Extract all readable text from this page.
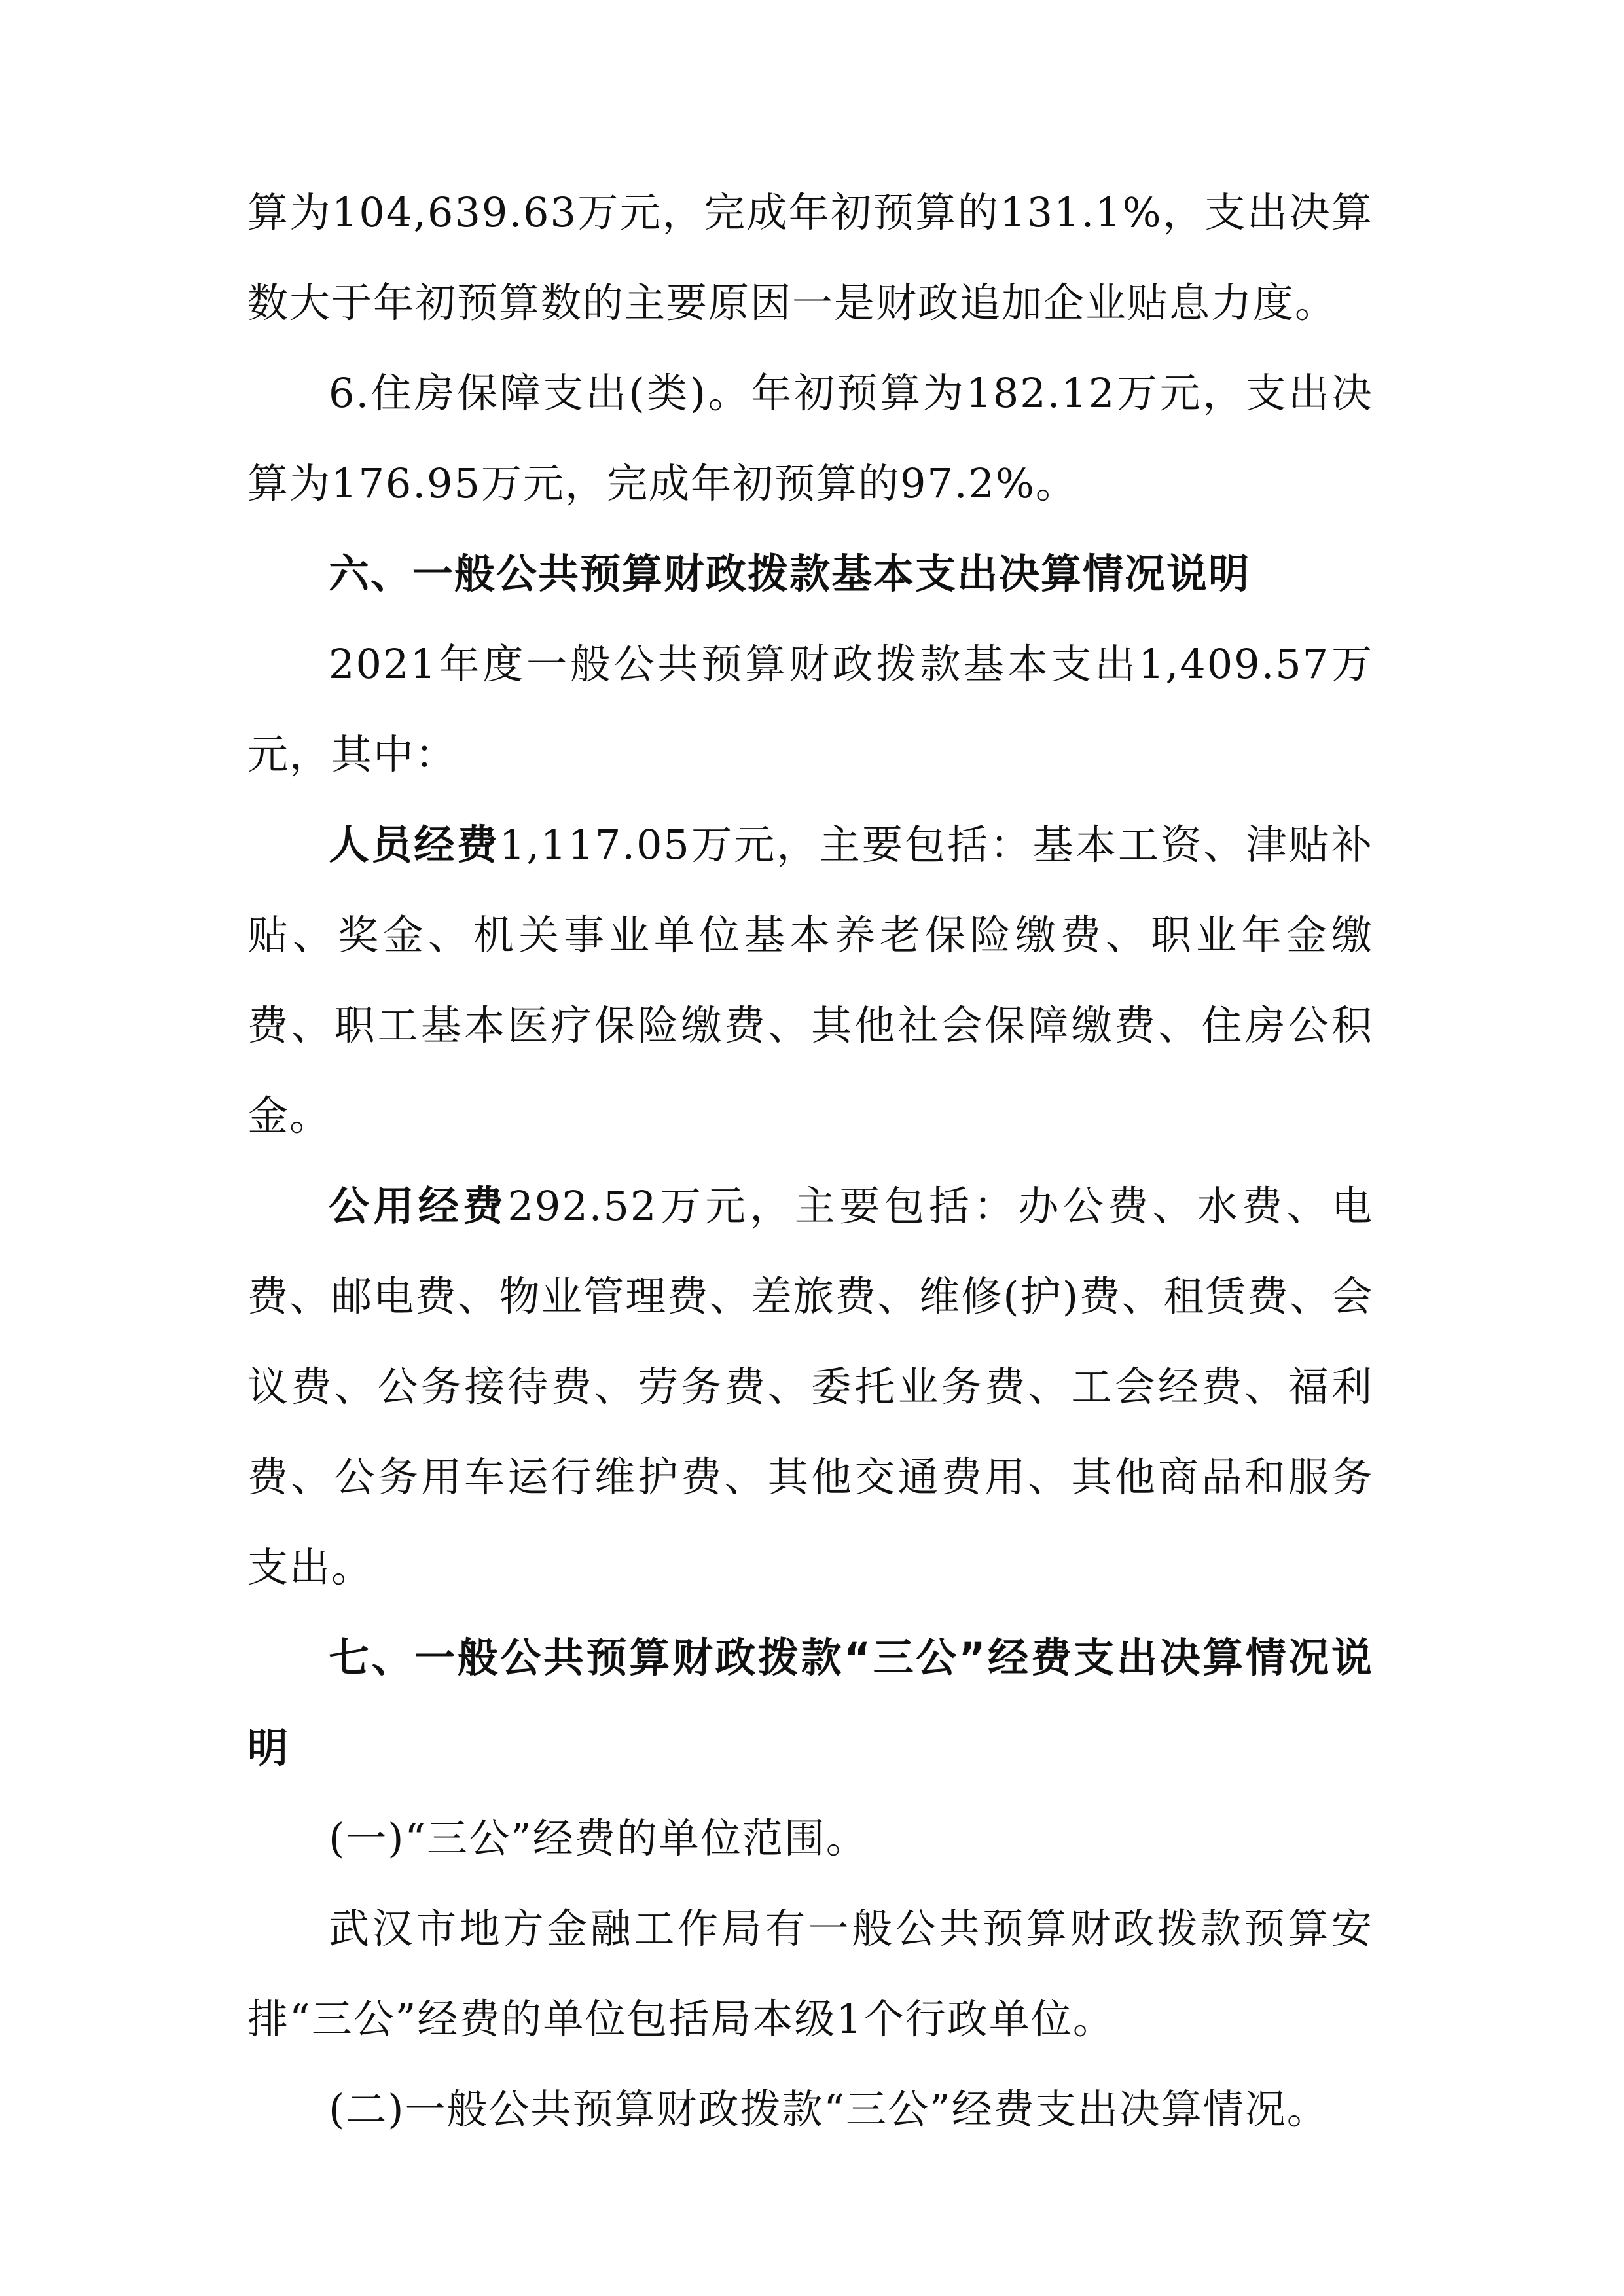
算为104,639.63万元，完成年初预算的131.1%，支出决算数大于年初预算数的主要原因一是财政追加企业贴息力度。

6.住房保障支出(类)。年初预算为182.12万元，支出决算为176.95万元，完成年初预算的97.2%。

六、一般公共预算财政拨款基本支出决算情况说明

2021年度一般公共预算财政拨款基本支出1,409.57万元，其中：

人员经费1,117.05万元，主要包括：基本工资、津贴补贴、奖金、机关事业单位基本养老保险缴费、职业年金缴费、职工基本医疗保险缴费、其他社会保障缴费、住房公积金。

公用经费292.52万元，主要包括：办公费、水费、电费、邮电费、物业管理费、差旅费、维修(护)费、租赁费、会议费、公务接待费、劳务费、委托业务费、工会经费、福利费、公务用车运行维护费、其他交通费用、其他商品和服务支出。

七、一般公共预算财政拨款“三公”经费支出决算情况说明

(一)“三公”经费的单位范围。

武汉市地方金融工作局有一般公共预算财政拨款预算安排“三公”经费的单位包括局本级1个行政单位。

(二)一般公共预算财政拨款“三公”经费支出决算情况。
